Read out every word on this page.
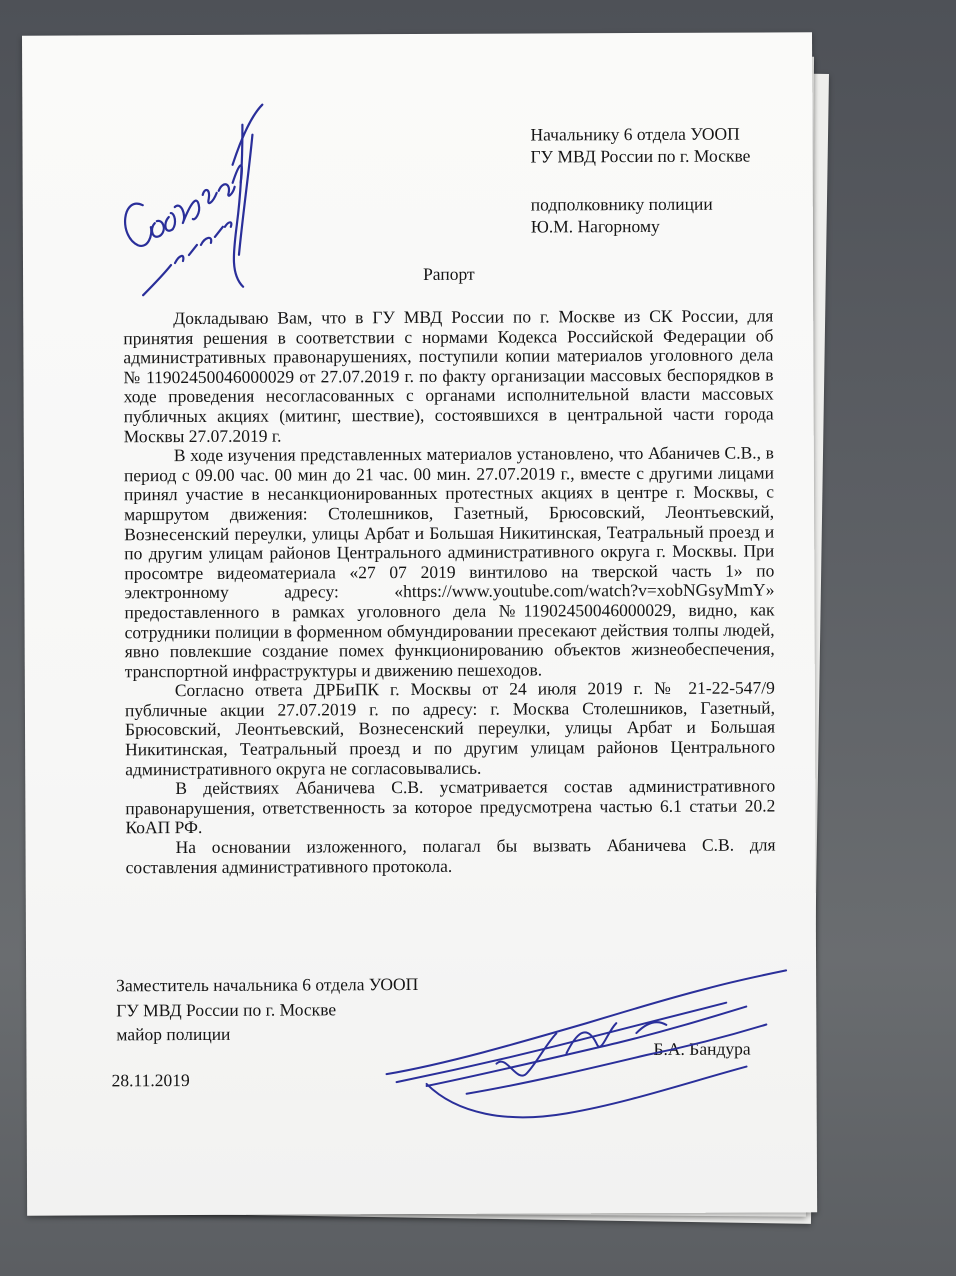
Начальнику 6 отдела УООП
ГУ МВД России по г. Москве
подполковнику полиции
Ю.М. Нагорному
Рапорт

Докладываю Вам, что в ГУ МВД России по г. Москве из СК России, для принятия решения в соответствии с нормами Кодекса Российской Федерации об административных правонарушениях, поступили копии материалов уголовного дела № 11902450046000029 от 27.07.2019 г. по факту организации массовых беспорядков в ходе проведения несогласованных с органами исполнительной власти массовых публичных акциях (митинг, шествие), состоявшихся в центральной части города Москвы 27.07.2019 г.

В ходе изучения представленных материалов установлено, что Абаничев С.В., в период с 09.00 час. 00 мин до 21 час. 00 мин. 27.07.2019 г., вместе с другими лицами принял участие в несанкционированных протестных акциях в центре г. Москвы, с маршрутом движения: Столешников, Газетный, Брюсовский, Леонтьевский, Вознесенский переулки, улицы Арбат и Большая Никитинская, Театральный проезд и по другим улицам районов Центрального административного округа г. Москвы. При просомтре видеоматериала «27 07 2019 винтилово на тверской часть 1» по электронному адресу: «https://www.youtube.com/watch?v=xobNGsyMmY» предоставленного в рамках уголовного дела №11902450046000029, видно, как сотрудники полиции в форменном обмундировании пресекают действия толпы людей, явно повлекшие создание помех функционированию объектов жизнеобеспечения, транспортной инфраструктуры и движению пешеходов.

Согласно ответа ДРБиПК г. Москвы от 24 июля 2019 г. № 21-22-547/9 публичные акции 27.07.2019 г. по адресу: г. Москва Столешников, Газетный, Брюсовский, Леонтьевский, Вознесенский переулки, улицы Арбат и Большая Никитинская, Театральный проезд и по другим улицам районов Центрального административного округа не согласовывались.

В действиях Абаничева С.В. усматривается состав административного правонарушения, ответственность за которое предусмотрена частью 6.1 статьи 20.2 КоАП РФ.

На основании изложенного, полагал бы вызвать Абаничева С.В. для составления административного протокола.

Заместитель начальника 6 отдела УООП
ГУ МВД России по г. Москве
майор полиции
Б.А. Бандура
28.11.2019
